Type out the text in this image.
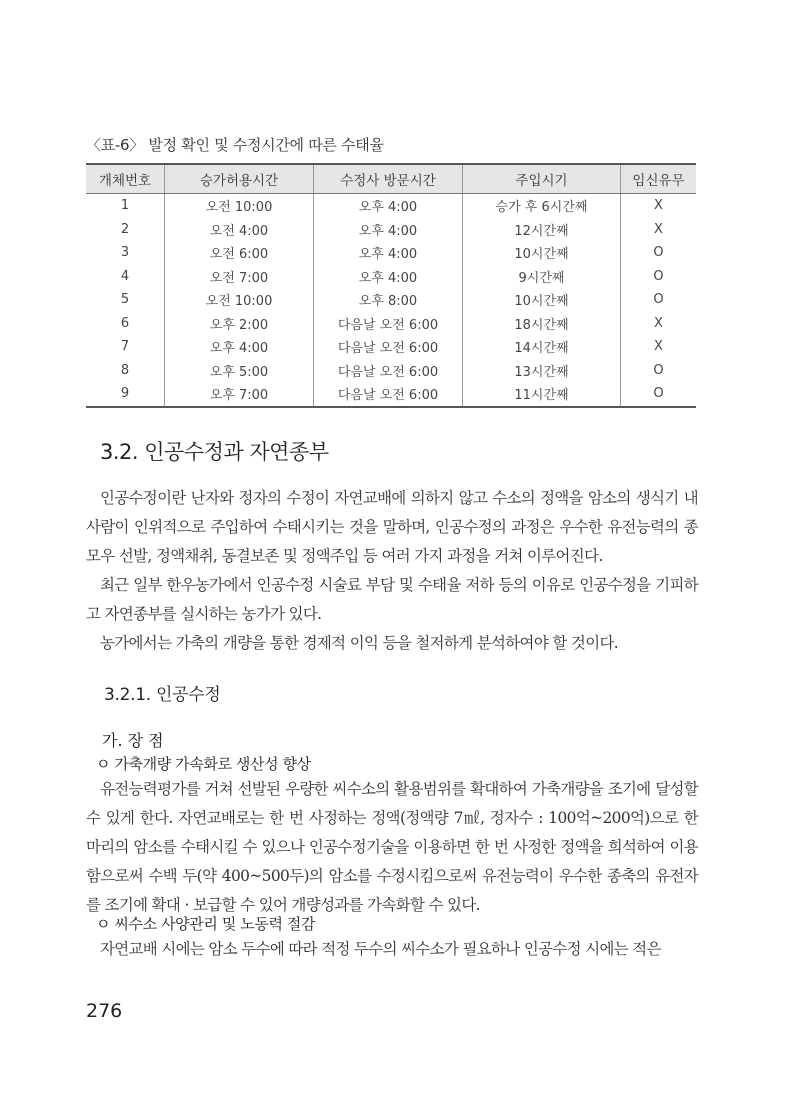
〈표-6〉 발정 확인 및 수정시간에 따른 수태율
개체번호	승가허용시간	수정사 방문시간	주입시기	임신유무
1	오전 10:00	오후 4:00	승가 후 6시간째	X
2	오전 4:00	오후 4:00	12시간째	X
3	오전 6:00	오후 4:00	10시간째	O
4	오전 7:00	오후 4:00	9시간째	O
5	오전 10:00	오후 8:00	10시간째	O
6	오후 2:00	다음날 오전 6:00	18시간째	X
7	오후 4:00	다음날 오전 6:00	14시간째	X
8	오후 5:00	다음날 오전 6:00	13시간째	O
9	오후 7:00	다음날 오전 6:00	11시간째	O
3.2. 인공수정과 자연종부
인공수정이란 난자와 정자의 수정이 자연교배에 의하지 않고 수소의 정액을 암소의 생식기 내 사람이 인위적으로 주입하여 수태시키는 것을 말하며, 인공수정의 과정은 우수한 유전능력의 종모우 선발, 정액채취, 동결보존 및 정액주입 등 여러 가지 과정을 거쳐 이루어진다.
최근 일부 한우농가에서 인공수정 시술료 부담 및 수태율 저하 등의 이유로 인공수정을 기피하고 자연종부를 실시하는 농가가 있다.
농가에서는 가축의 개량을 통한 경제적 이익 등을 철저하게 분석하여야 할 것이다.
3.2.1. 인공수정
가. 장 점
ㅇ 가축개량 가속화로 생산성 향상
유전능력평가를 거쳐 선발된 우량한 씨수소의 활용범위를 확대하여 가축개량을 조기에 달성할 수 있게 한다. 자연교배로는 한 번 사정하는 정액(정액량 7㎖, 정자수 : 100억~200억)으로 한 마리의 암소를 수태시킬 수 있으나 인공수정기술을 이용하면 한 번 사정한 정액을 희석하여 이용함으로써 수백 두(약 400~500두)의 암소를 수정시킴으로써 유전능력이 우수한 종축의 유전자를 조기에 확대 · 보급할 수 있어 개량성과를 가속화할 수 있다.
ㅇ 씨수소 사양관리 및 노동력 절감
자연교배 시에는 암소 두수에 따라 적정 두수의 씨수소가 필요하나 인공수정 시에는 적은
276
